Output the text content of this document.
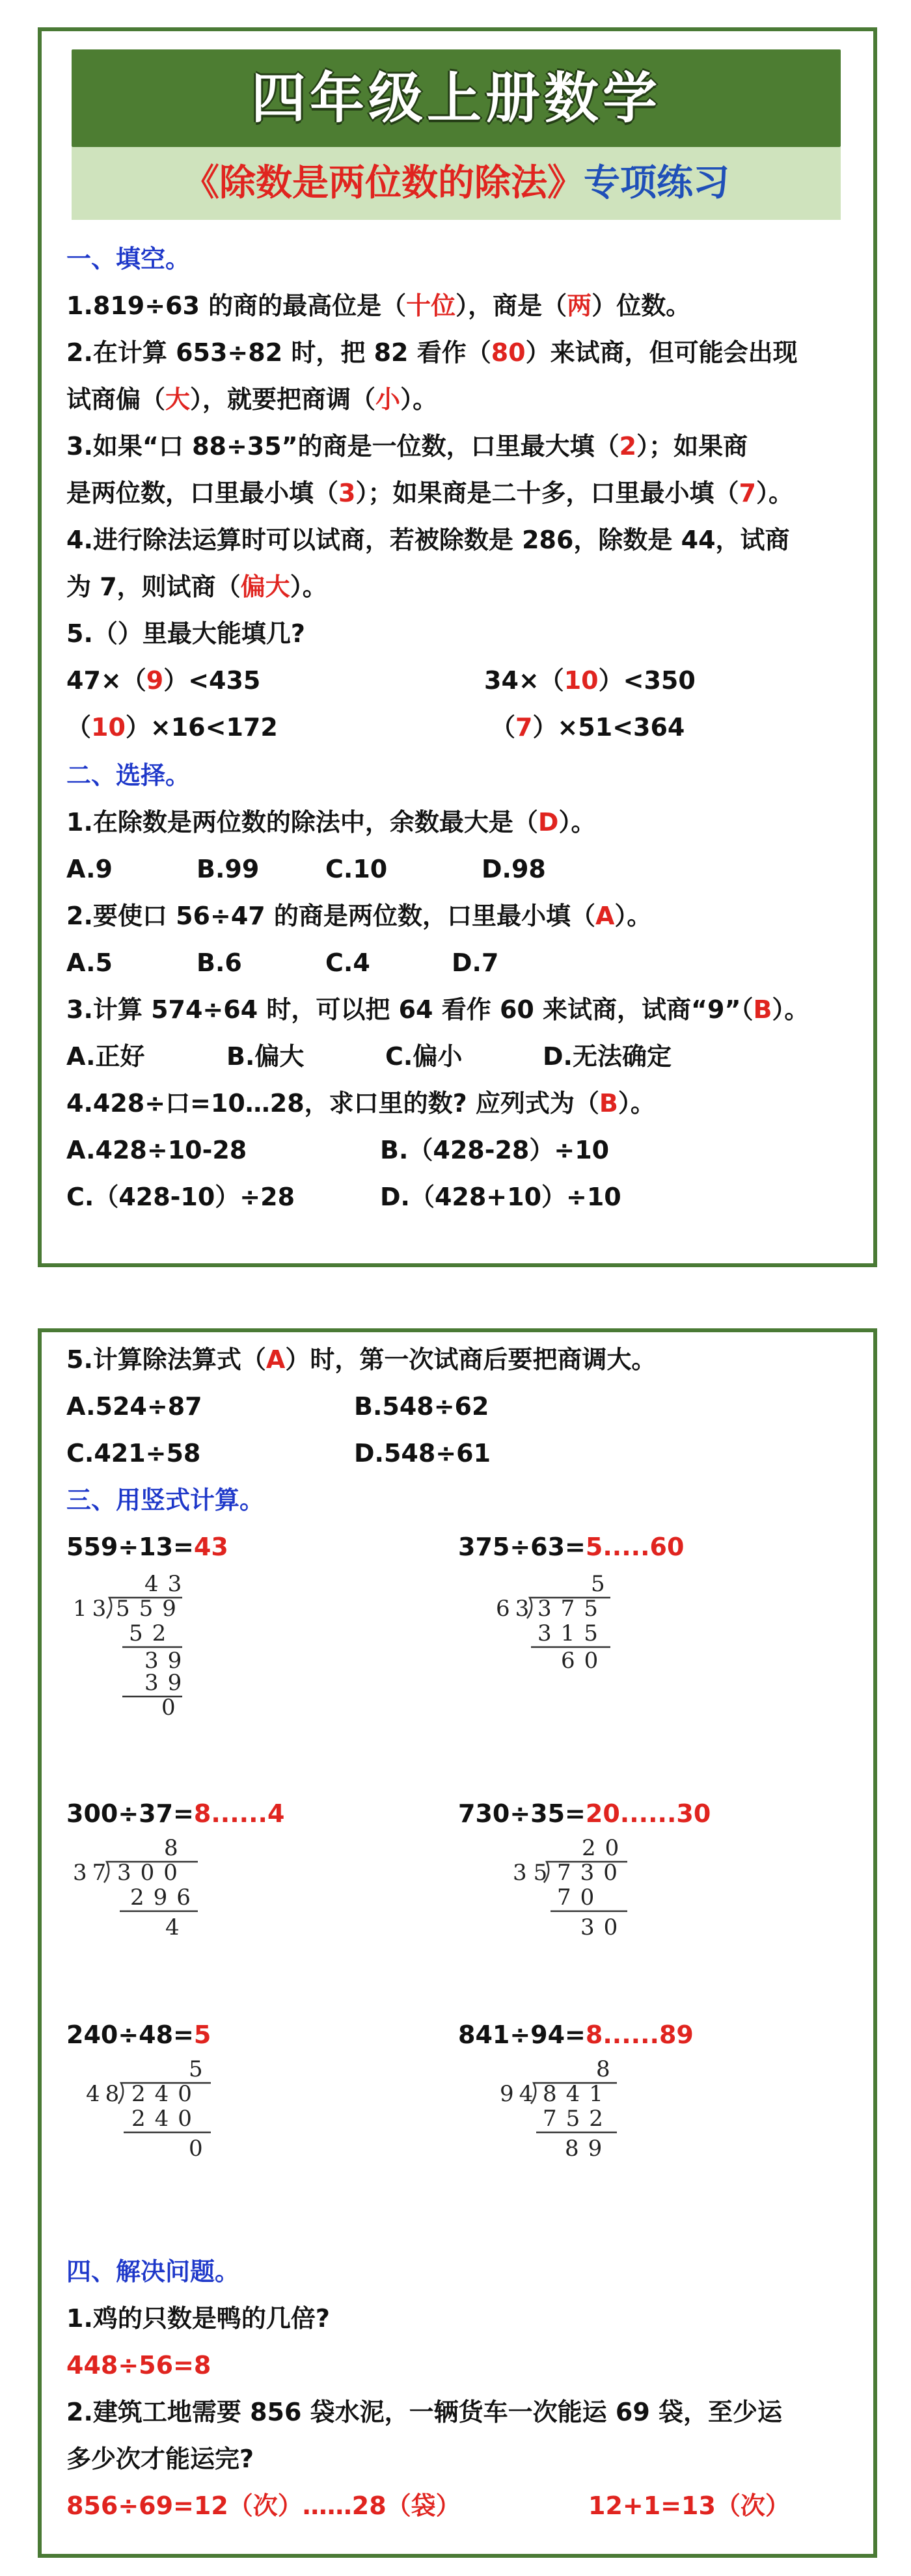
四年级上册数学
《除数是两位数的除法》专项练习
一、填空。
1.819÷63 的商的最高位是（十位），商是（两）位数。
2.在计算 653÷82 时，把 82 看作（80）来试商，但可能会出现
试商偏（大），就要把商调（小）。
3.如果“口 88÷35”的商是一位数，口里最大填（2）；如果商
是两位数，口里最小填（3）；如果商是二十多，口里最小填（7）。
4.进行除法运算时可以试商，若被除数是 286，除数是 44，试商
为 7，则试商（偏大）。
5.（）里最大能填几?
47×（9）<435	34×（10）<350
（10）×16<172	（7）×51<364
二、选择。
1.在除数是两位数的除法中，余数最大是（D）。
A.9	B.99	C.10	D.98
2.要使口 56÷47 的商是两位数，口里最小填（A）。
A.5	B.6	C.4	D.7
3.计算 574÷64 时，可以把 64 看作 60 来试商，试商“9”（B）。
A.正好	B.偏大	C.偏小	D.无法确定
4.428÷口=10…28，求口里的数? 应列式为（B）。
A.428÷10-28	B.（428-28）÷10
C.（428-10）÷28	D.（428+10）÷10
5.计算除法算式（A）时，第一次试商后要把商调大。
A.524÷87	B.548÷62
C.421÷58	D.548÷61
三、用竖式计算。
559÷13=43
43
13 559
52
39
39
0
375÷63=5.....60
5
63 375
315
60
300÷37=8......4
8
37 300
296
4
730÷35=20......30
20
35 730
70
30
240÷48=5
5
48 240
240
0
841÷94=8......89
8
94 841
752
89
四、解决问题。
1.鸡的只数是鸭的几倍?
448÷56=8
2.建筑工地需要 856 袋水泥，一辆货车一次能运 69 袋，至少运
多少次才能运完?
856÷69=12（次）……28（袋）	12+1=13（次）
